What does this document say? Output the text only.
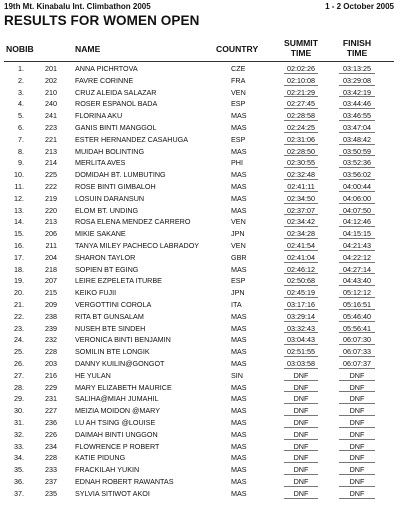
19th Mt. Kinabalu Int. Climbathon 2005	1 - 2 October 2005
RESULTS FOR WOMEN OPEN
NOBIB	NAME	COUNTRY
SUMMIT
TIME
FINISH
TIME
1 .	201	ANNA PICHRTOVA	CZE	02:02:26	03:13:25
2 .	202	FAVRE CORINNE	FRA	02:10:08	03:29:08
3 .	210	CRUZ ALEIDA SALAZAR	VEN	02:21:29	03:42:19
4 .	240	ROSER ESPANOL BADA	ESP	02:27:45	03:44:46
5 .	241	FLORINA AKU	MAS	02:28:58	03:46:55
6 .	223	GANIS BINTI MANGGOL	MAS	02:24:25	03:47:04
7 .	221	ESTER HERNANDEZ CASAHUGA	ESP	02:31:06	03:48:42
8 .	213	MUIDAH BOLINTING	MAS	02:28:50	03:50:59
9 .	214	MERLITA AVES	PHI	02:30:55	03:52:36
10 .	225	DOMIDAH BT. LUMBUTING	MAS	02:32:48	03:56:02
11 .	222	ROSE BINTI GIMBALOH	MAS	02:41:11	04:00:44
12 .	219	LOSUIN DARANSUN	MAS	02:34:50	04:06:00
13 .	220	ELOM BT. UNDING	MAS	02:37:07	04:07:50
14 .	213	ROSA ELENA MENDEZ CARRERO	VEN	02:34:42	04:12:46
15 .	206	MIKIE SAKANE	JPN	02:34:28	04:15:15
16 .	211	TANYA MILEY PACHECO LABRADOY	VEN	02:41:54	04:21:43
17 .	204	SHARON TAYLOR	GBR	02:41:04	04:22:12
18 .	218	SOPIEN BT EGING	MAS	02:46:12	04:27:14
19 .	207	LEIRE EZPELETA ITURBE	ESP	02:50:68	04:43:40
20 .	215	KEIKO FUJII	JPN	02:45:19	05:12:12
21 .	209	VERGOTTINI COROLA	ITA	03:17:16	05:16:51
22 .	238	RITA BT GUNSALAM	MAS	03:29:14	05:46:40
23 .	239	NUSEH BTE SINDEH	MAS	03:32:43	05:56:41
24 .	232	VERONICA BINTI BENJAMIN	MAS	03:04:43	06:07:30
25 .	228	SOMILIN BTE LONGIK	MAS	02:51:55	06:07:33
26 .	203	DANNY KUILIN@GONGOT	MAS	03:03:58	06:07:37
27 .	216	HE YULAN	SIN	DNF	DNF
28 .	229	MARY ELIZABETH MAURICE	MAS	DNF	DNF
29 .	231	SALIHA@MIAH JUMAHIL	MAS	DNF	DNF
30 .	227	MEIZIA MOIDON @MARY	MAS	DNF	DNF
31 .	236	LU AH TSING @LOUISE	MAS	DNF	DNF
32 .	226	DAIMAH BINTI UNGGON	MAS	DNF	DNF
33 .	234	FLOWRENCE P ROBERT	MAS	DNF	DNF
34 .	228	KATIE PIDUNG	MAS	DNF	DNF
35 .	233	FRACKILAH YUKIN	MAS	DNF	DNF
36 .	237	EDNAH ROBERT RAWANTAS	MAS	DNF	DNF
37 .	235	SYLVIA SITIWOT AKOI	MAS	DNF	DNF
